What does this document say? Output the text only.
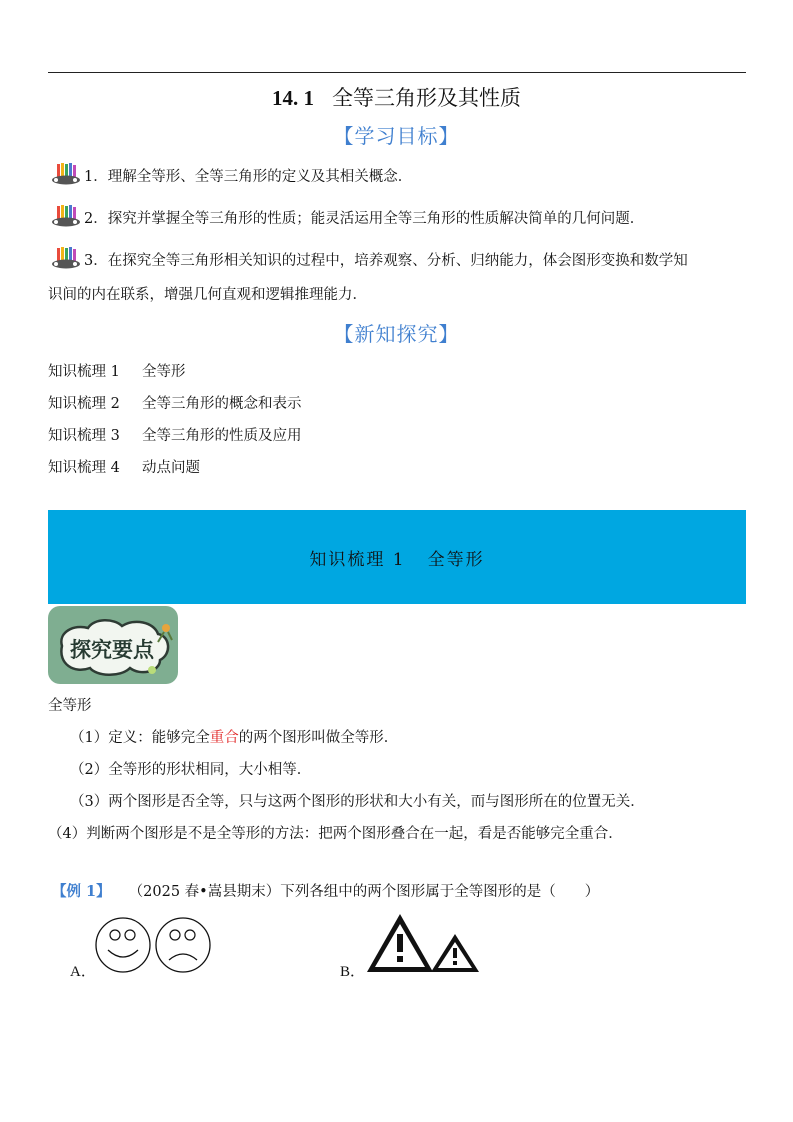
14. 1 全等三角形及其性质
【学习目标】
1．理解全等形、全等三角形的定义及其相关概念．
2．探究并掌握全等三角形的性质；能灵活运用全等三角形的性质解决简单的几何问题．
3．在探究全等三角形相关知识的过程中，培养观察、分析、归纳能力，体会图形变换和数学知
识间的内在联系，增强几何直观和逻辑推理能力．
【新知探究】
知识梳理 1 全等形
知识梳理 2 全等三角形的概念和表示
知识梳理 3 全等三角形的性质及应用
知识梳理 4 动点问题
知识梳理 1 全等形
探究要点
全等形
（1）定义：能够完全重合的两个图形叫做全等形．
（2）全等形的形状相同，大小相等．
（3）两个图形是否全等，只与这两个图形的形状和大小有关，而与图形所在的位置无关．
（4）判断两个图形是不是全等形的方法：把两个图形叠合在一起，看是否能够完全重合．
【例 1】 （2025 春•嵩县期末）下列各组中的两个图形属于全等图形的是（　　）
A．	B．
